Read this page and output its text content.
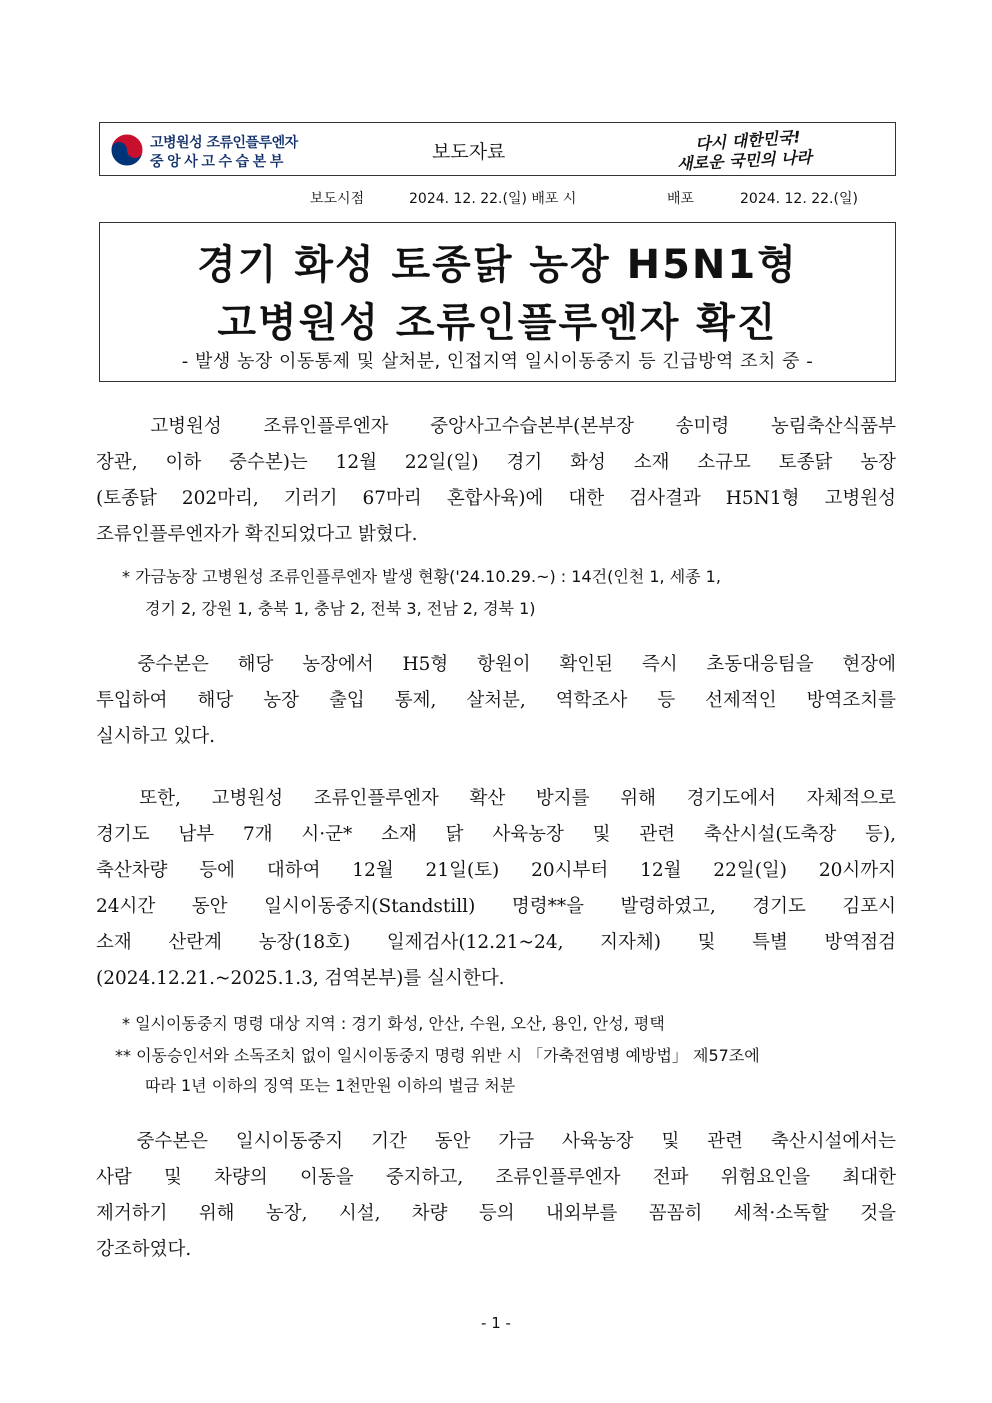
고병원성 조류인플루엔자
중앙사고수습본부	보도자료	다시 대한민국!
새로운 국민의 나라
보도시점	2024. 12. 22.(일) 배포 시	배포	2024. 12. 22.(일)
경기 화성 토종닭 농장 H5N1형
고병원성 조류인플루엔자 확진
- 발생 농장 이동통제 및 살처분, 인접지역 일시이동중지 등 긴급방역 조치 중 -
　고병원성 조류인플루엔자 중앙사고수습본부(본부장 송미령 농림축산식품부
장관, 이하 중수본)는 12월 22일(일) 경기 화성 소재 소규모 토종닭 농장
(토종닭 202마리, 기러기 67마리 혼합사육)에 대한 검사결과 H5N1형 고병원성
조류인플루엔자가 확진되었다고 밝혔다.
* 가금농장 고병원성 조류인플루엔자 발생 현황('24.10.29.~) : 14건(인천 1, 세종 1,
경기 2, 강원 1, 충북 1, 충남 2, 전북 3, 전남 2, 경북 1)
　중수본은 해당 농장에서 H5형 항원이 확인된 즉시 초동대응팀을 현장에
투입하여 해당 농장 출입 통제, 살처분, 역학조사 등 선제적인 방역조치를
실시하고 있다.
　또한, 고병원성 조류인플루엔자 확산 방지를 위해 경기도에서 자체적으로
경기도 남부 7개 시·군* 소재 닭 사육농장 및 관련 축산시설(도축장 등),
축산차량 등에 대하여 12월 21일(토) 20시부터 12월 22일(일) 20시까지
24시간 동안 일시이동중지(Standstill) 명령**을 발령하였고, 경기도 김포시
소재 산란계 농장(18호) 일제검사(12.21~24, 지자체) 및 특별 방역점검
(2024.12.21.~2025.1.3, 검역본부)를 실시한다.
* 일시이동중지 명령 대상 지역 : 경기 화성, 안산, 수원, 오산, 용인, 안성, 평택
** 이동승인서와 소독조치 없이 일시이동중지 명령 위반 시 「가축전염병 예방법」 제57조에
따라 1년 이하의 징역 또는 1천만원 이하의 벌금 처분
　중수본은 일시이동중지 기간 동안 가금 사육농장 및 관련 축산시설에서는
사람 및 차량의 이동을 중지하고, 조류인플루엔자 전파 위험요인을 최대한
제거하기 위해 농장, 시설, 차량 등의 내외부를 꼼꼼히 세척·소독할 것을
강조하였다.
- 1 -
